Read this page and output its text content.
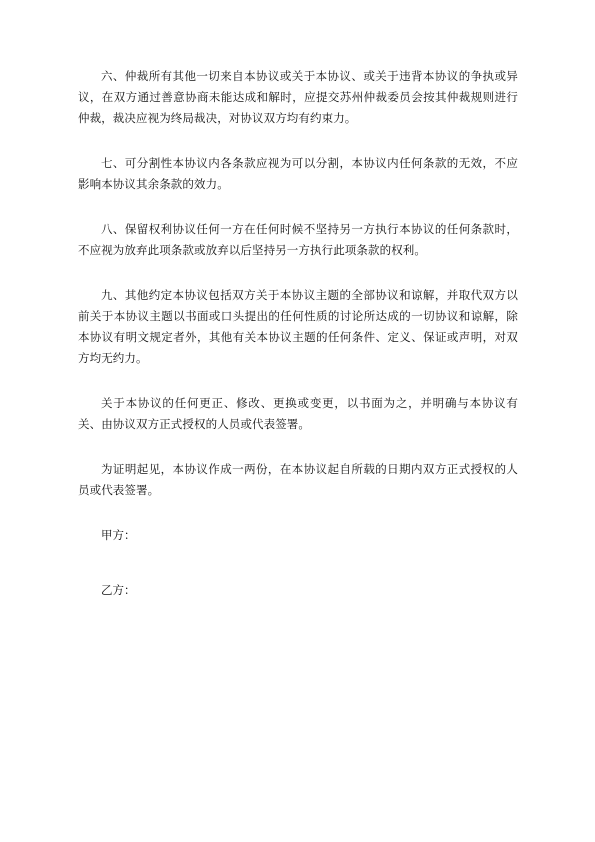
六、仲裁所有其他一切来自本协议或关于本协议、或关于违背本协议的争执或异议，在双方通过善意协商未能达成和解时，应提交苏州仲裁委员会按其仲裁规则进行仲裁，裁决应视为终局裁决，对协议双方均有约束力。

七、可分割性本协议内各条款应视为可以分割，本协议内任何条款的无效，不应影响本协议其余条款的效力。

八、保留权利协议任何一方在任何时候不坚持另一方执行本协议的任何条款时，不应视为放弃此项条款或放弃以后坚持另一方执行此项条款的权利。

九、其他约定本协议包括双方关于本协议主题的全部协议和谅解，并取代双方以前关于本协议主题以书面或口头提出的任何性质的讨论所达成的一切协议和谅解，除本协议有明文规定者外，其他有关本协议主题的任何条件、定义、保证或声明，对双方均无约力。

关于本协议的任何更正、修改、更换或变更，以书面为之，并明确与本协议有关、由协议双方正式授权的人员或代表签署。

为证明起见，本协议作成一两份，在本协议起自所载的日期内双方正式授权的人员或代表签署。

甲方：

乙方：
